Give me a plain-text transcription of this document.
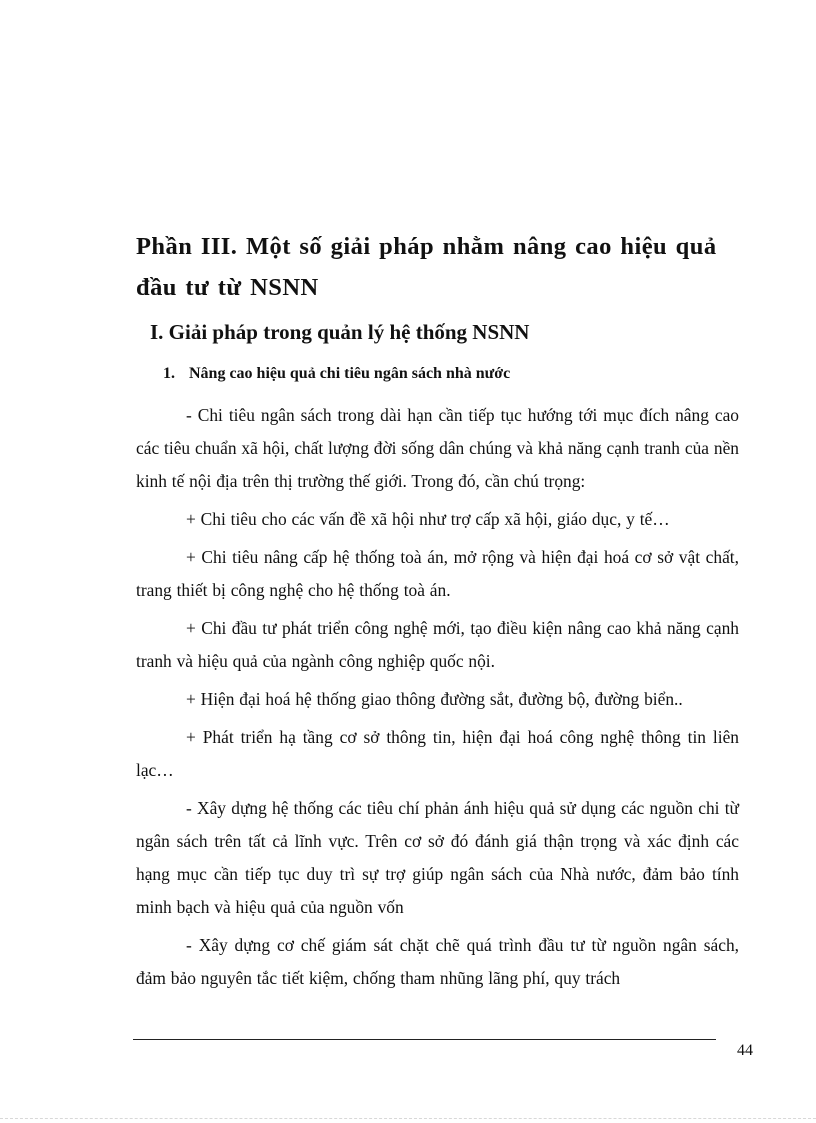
Phần III. Một số giải pháp nhằm nâng cao hiệu quả đầu tư từ NSNN
I. Giải pháp trong quản lý hệ thống NSNN
1. Nâng cao hiệu quả chi tiêu ngân sách nhà nước

- Chi tiêu ngân sách trong dài hạn cần tiếp tục hướng tới mục đích nâng cao các tiêu chuẩn xã hội, chất lượng đời sống dân chúng và khả năng cạnh tranh của nền kinh tế nội địa trên thị trường thế giới. Trong đó, cần chú trọng:

+ Chi tiêu cho các vấn đề xã hội như trợ cấp xã hội, giáo dục, y tế…

+ Chi tiêu nâng cấp hệ thống toà án, mở rộng và hiện đại hoá cơ sở vật chất, trang thiết bị công nghệ cho hệ thống toà án.

+ Chi đầu tư phát triển công nghệ mới, tạo điều kiện nâng cao khả năng cạnh tranh và hiệu quả của ngành công nghiệp quốc nội.

+ Hiện đại hoá hệ thống giao thông đường sắt, đường bộ, đường biển..

+ Phát triển hạ tầng cơ sở thông tin, hiện đại hoá công nghệ thông tin liên lạc…

- Xây dựng hệ thống các tiêu chí phản ánh hiệu quả sử dụng các nguồn chi từ ngân sách trên tất cả lĩnh vực. Trên cơ sở đó đánh giá thận trọng và xác định các hạng mục cần tiếp tục duy trì sự trợ giúp ngân sách của Nhà nước, đảm bảo tính minh bạch và hiệu quả của nguồn vốn

- Xây dựng cơ chế giám sát chặt chẽ quá trình đầu tư từ nguồn ngân sách, đảm bảo nguyên tắc tiết kiệm, chống tham nhũng lãng phí, quy trách

44
